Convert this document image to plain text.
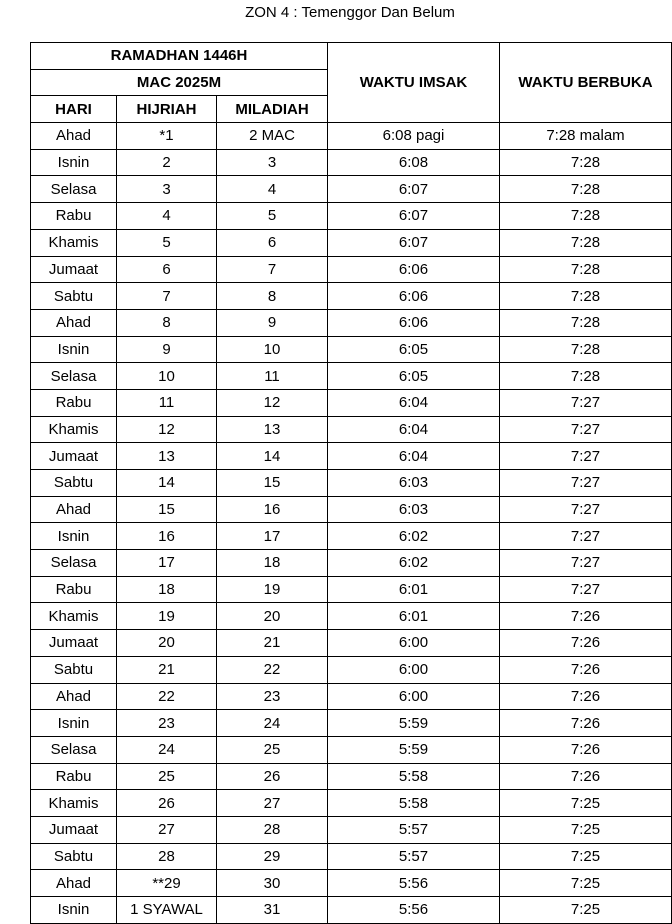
ZON 4 : Temenggor Dan Belum
RAMADHAN 1446H			WAKTU IMSAK	WAKTU BERBUKA
MAC 2025M				
HARI	HIJRIAH	MILADIAH		
Ahad	*1	2 MAC	6:08 pagi	7:28 malam
Isnin	2	3	6:08	7:28
Selasa	3	4	6:07	7:28
Rabu	4	5	6:07	7:28
Khamis	5	6	6:07	7:28
Jumaat	6	7	6:06	7:28
Sabtu	7	8	6:06	7:28
Ahad	8	9	6:06	7:28
Isnin	9	10	6:05	7:28
Selasa	10	11	6:05	7:28
Rabu	11	12	6:04	7:27
Khamis	12	13	6:04	7:27
Jumaat	13	14	6:04	7:27
Sabtu	14	15	6:03	7:27
Ahad	15	16	6:03	7:27
Isnin	16	17	6:02	7:27
Selasa	17	18	6:02	7:27
Rabu	18	19	6:01	7:27
Khamis	19	20	6:01	7:26
Jumaat	20	21	6:00	7:26
Sabtu	21	22	6:00	7:26
Ahad	22	23	6:00	7:26
Isnin	23	24	5:59	7:26
Selasa	24	25	5:59	7:26
Rabu	25	26	5:58	7:26
Khamis	26	27	5:58	7:25
Jumaat	27	28	5:57	7:25
Sabtu	28	29	5:57	7:25
Ahad	**29	30	5:56	7:25
Isnin	1 SYAWAL	31	5:56	7:25
